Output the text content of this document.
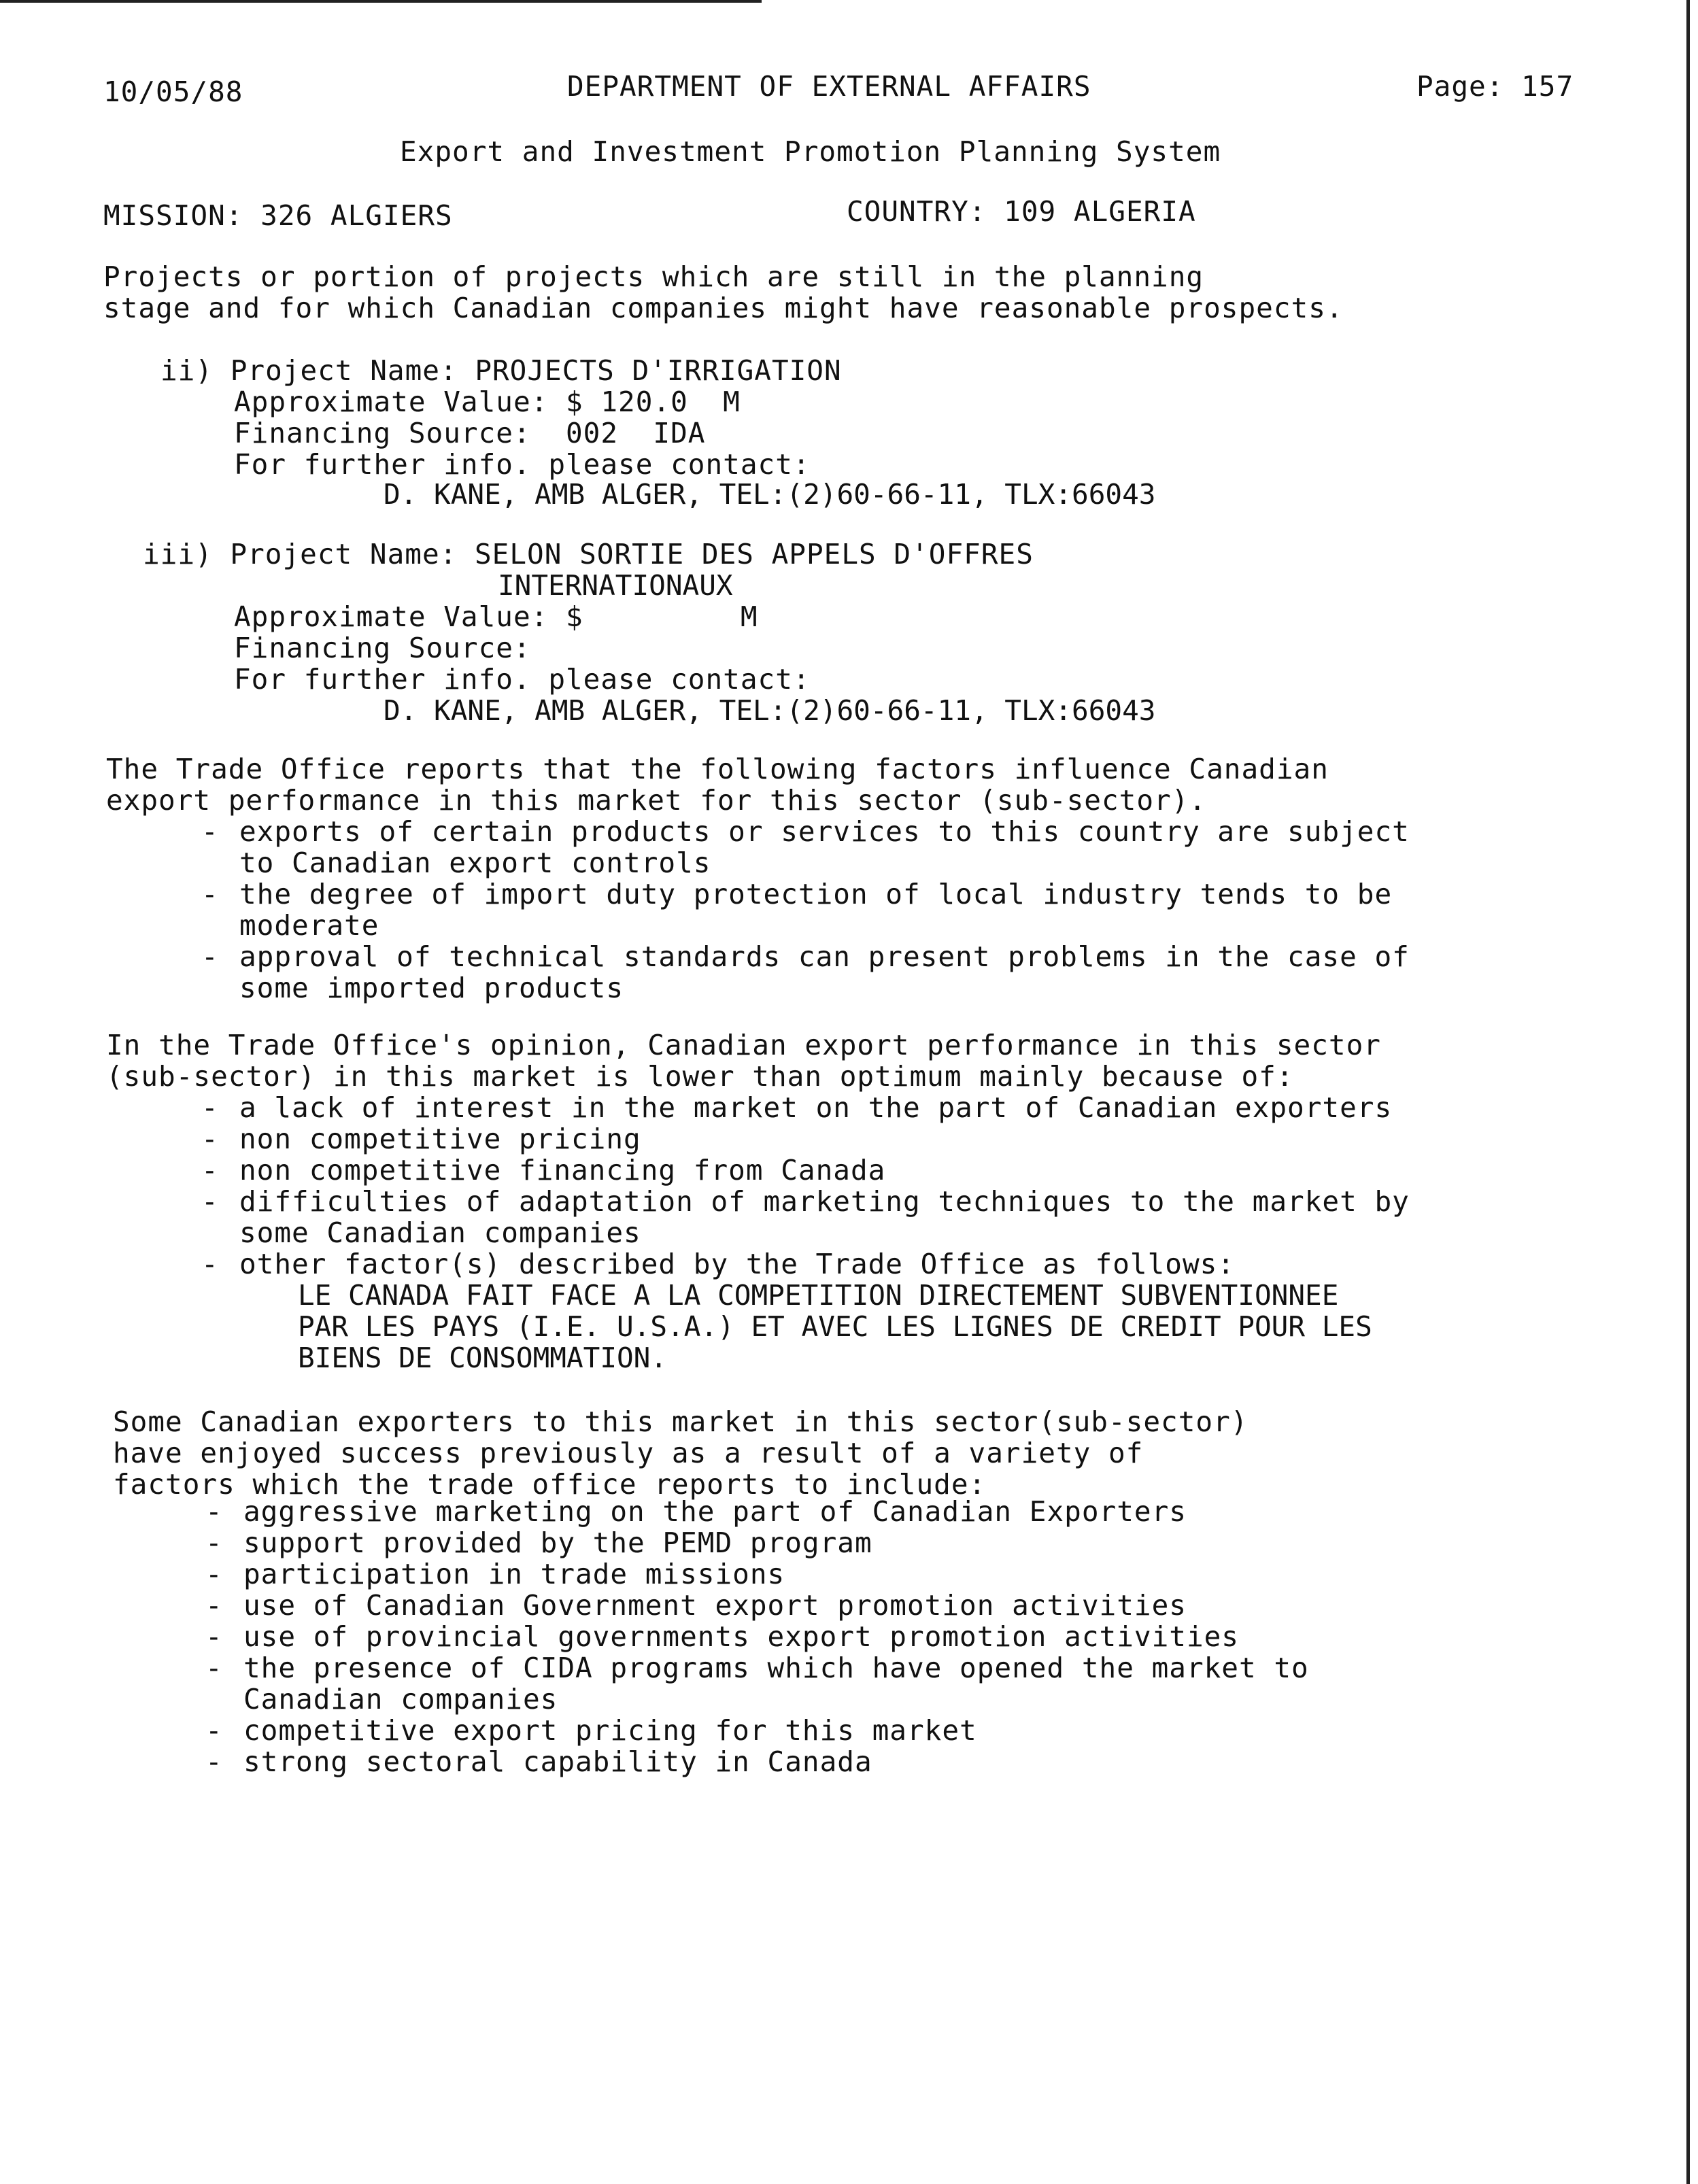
10/05/88	DEPARTMENT OF EXTERNAL AFFAIRS	Page: 157
Export and Investment Promotion Planning System
MISSION: 326 ALGIERS	COUNTRY: 109 ALGERIA
Projects or portion of projects which are still in the planning
stage and for which Canadian companies might have reasonable prospects.
ii) Project Name: PROJECTS D'IRRIGATION
Approximate Value: $ 120.0  M
Financing Source:  002  IDA
For further info. please contact:
D. KANE, AMB ALGER, TEL:(2)60-66-11, TLX:66043
iii) Project Name: SELON SORTIE DES APPELS D'OFFRES
INTERNATIONAUX
Approximate Value: $         M
Financing Source:
For further info. please contact:
D. KANE, AMB ALGER, TEL:(2)60-66-11, TLX:66043
The Trade Office reports that the following factors influence Canadian
export performance in this market for this sector (sub-sector).
- exports of certain products or services to this country are subject
to Canadian export controls
- the degree of import duty protection of local industry tends to be
moderate
- approval of technical standards can present problems in the case of
some imported products
In the Trade Office's opinion, Canadian export performance in this sector
(sub-sector) in this market is lower than optimum mainly because of:
- a lack of interest in the market on the part of Canadian exporters
- non competitive pricing
- non competitive financing from Canada
- difficulties of adaptation of marketing techniques to the market by
some Canadian companies
- other factor(s) described by the Trade Office as follows:
LE CANADA FAIT FACE A LA COMPETITION DIRECTEMENT SUBVENTIONNEE
PAR LES PAYS (I.E. U.S.A.) ET AVEC LES LIGNES DE CREDIT POUR LES
BIENS DE CONSOMMATION.
Some Canadian exporters to this market in this sector(sub-sector)
have enjoyed success previously as a result of a variety of
factors which the trade office reports to include:
- aggressive marketing on the part of Canadian Exporters
- support provided by the PEMD program
- participation in trade missions
- use of Canadian Government export promotion activities
- use of provincial governments export promotion activities
- the presence of CIDA programs which have opened the market to
Canadian companies
- competitive export pricing for this market
- strong sectoral capability in Canada
